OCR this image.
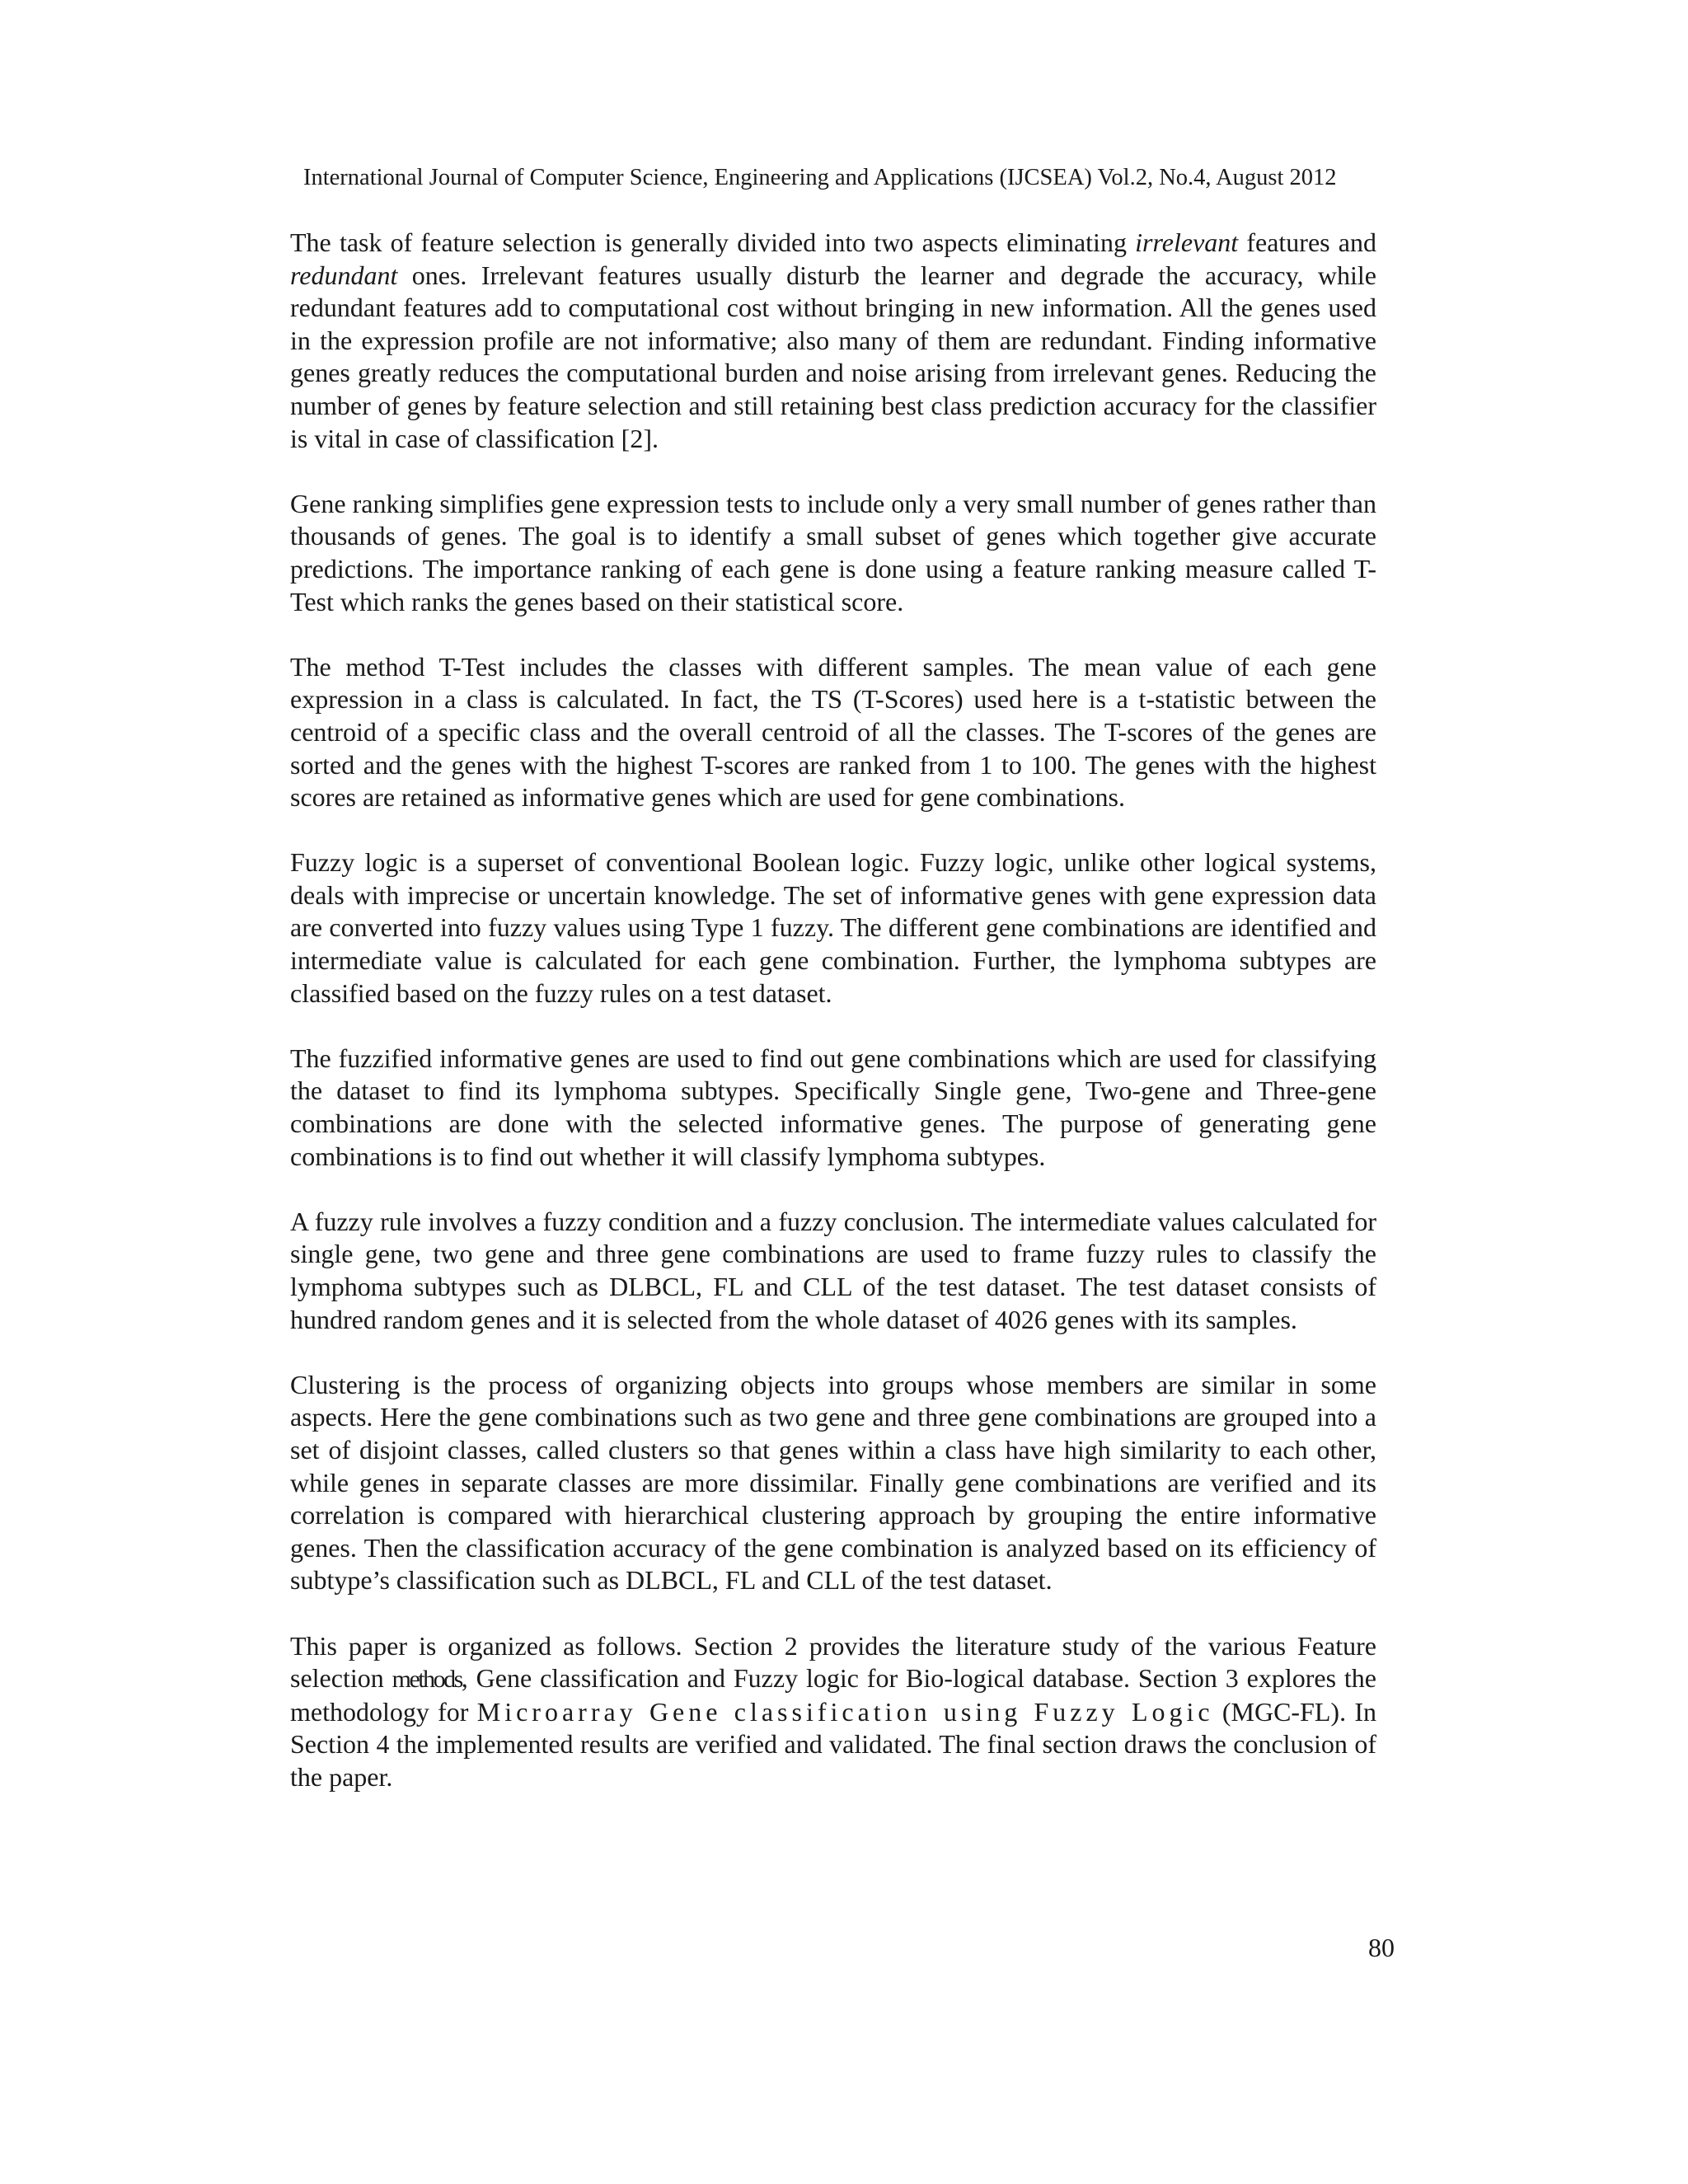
International Journal of Computer Science, Engineering and Applications (IJCSEA) Vol.2, No.4, August 2012

The task of feature selection is generally divided into two aspects eliminating irrelevant features and redundant ones. Irrelevant features usually disturb the learner and degrade the accuracy, while redundant features add to computational cost without bringing in new information. All the genes used in the expression profile are not informative; also many of them are redundant. Finding informative genes greatly reduces the computational burden and noise arising from irrelevant genes. Reducing the number of genes by feature selection and still retaining best class prediction accuracy for the classifier is vital in case of classification [2].

Gene ranking simplifies gene expression tests to include only a very small number of genes rather than thousands of genes. The goal is to identify a small subset of genes which together give accurate predictions. The importance ranking of each gene is done using a feature ranking measure called T-Test which ranks the genes based on their statistical score.

The method T-Test includes the classes with different samples. The mean value of each gene expression in a class is calculated. In fact, the TS (T-Scores) used here is a t-statistic between the centroid of a specific class and the overall centroid of all the classes. The T-scores of the genes are sorted and the genes with the highest T-scores are ranked from 1 to 100. The genes with the highest scores are retained as informative genes which are used for gene combinations.

Fuzzy logic is a superset of conventional Boolean logic. Fuzzy logic, unlike other logical systems, deals with imprecise or uncertain knowledge. The set of informative genes with gene expression data are converted into fuzzy values using Type 1 fuzzy. The different gene combinations are identified and intermediate value is calculated for each gene combination. Further, the lymphoma subtypes are classified based on the fuzzy rules on a test dataset.

The fuzzified informative genes are used to find out gene combinations which are used for classifying the dataset to find its lymphoma subtypes. Specifically Single gene, Two-gene and Three-gene combinations are done with the selected informative genes. The purpose of generating gene combinations is to find out whether it will classify lymphoma subtypes.

A fuzzy rule involves a fuzzy condition and a fuzzy conclusion. The intermediate values calculated for single gene, two gene and three gene combinations are used to frame fuzzy rules to classify the lymphoma subtypes such as DLBCL, FL and CLL of the test dataset. The test dataset consists of hundred random genes and it is selected from the whole dataset of 4026 genes with its samples.

Clustering is the process of organizing objects into groups whose members are similar in some aspects. Here the gene combinations such as two gene and three gene combinations are grouped into a set of disjoint classes, called clusters so that genes within a class have high similarity to each other, while genes in separate classes are more dissimilar. Finally gene combinations are verified and its correlation is compared with hierarchical clustering approach by grouping the entire informative genes. Then the classification accuracy of the gene combination is analyzed based on its efficiency of subtype’s classification such as DLBCL, FL and CLL of the test dataset.

This paper is organized as follows. Section 2 provides the literature study of the various Feature selection methods, Gene classification and Fuzzy logic for Bio-logical database. Section 3 explores the methodology for Microarray Gene classification using Fuzzy Logic (MGC-FL). In Section 4 the implemented results are verified and validated. The final section draws the conclusion of the paper.

80
